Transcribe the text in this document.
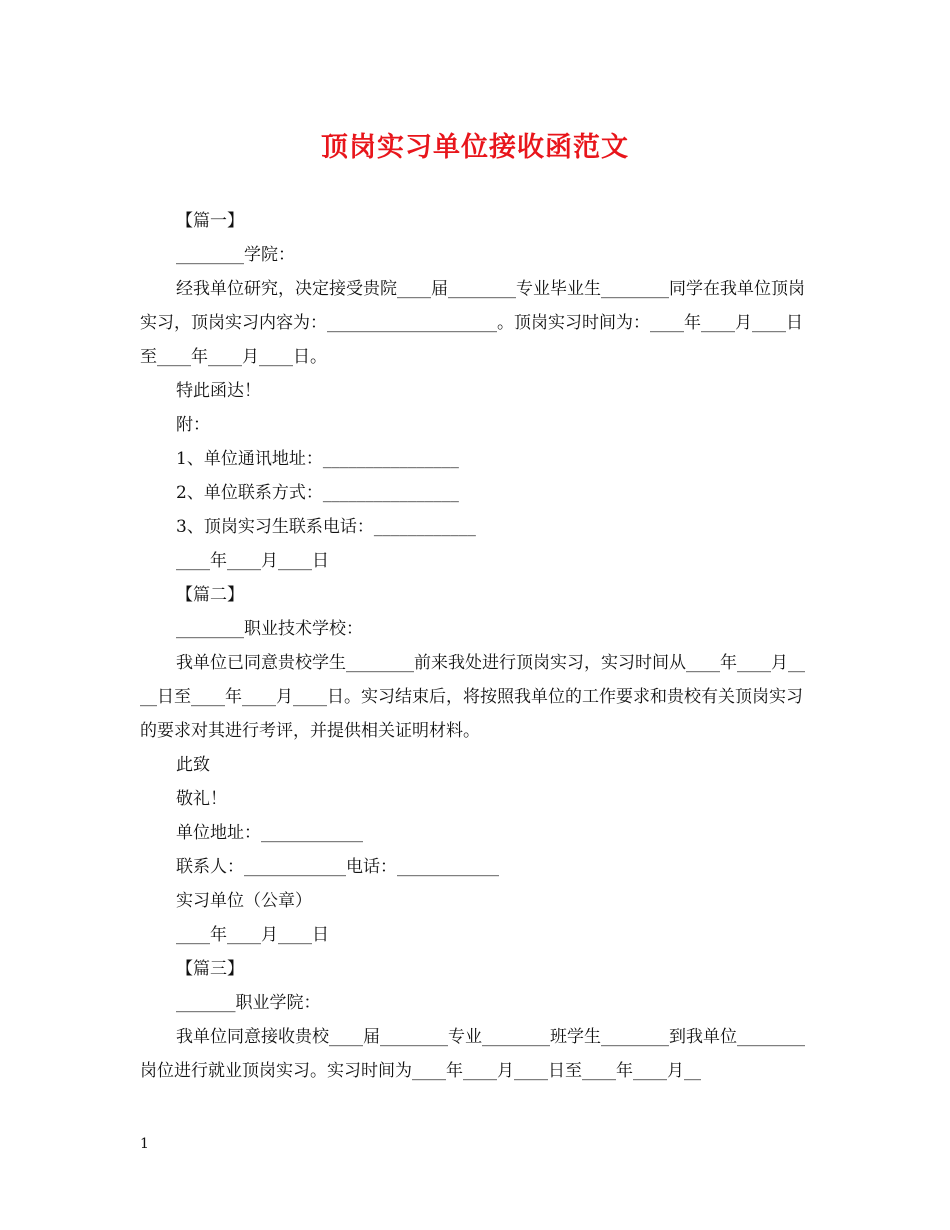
顶岗实习单位接收函范文

【篇一】

________学院：

经我单位研究，决定接受贵院____届________专业毕业生________同学在我单位顶岗实习，顶岗实习内容为：____________________。顶岗实习时间为：____年____月____日至____年____月____日。

特此函达！

附：

1、单位通讯地址：________________

2、单位联系方式：________________

3、顶岗实习生联系电话：____________

____年____月____日

【篇二】

________职业技术学校：

我单位已同意贵校学生________前来我处进行顶岗实习，实习时间从____年____月____日至____年____月____日。实习结束后，将按照我单位的工作要求和贵校有关顶岗实习的要求对其进行考评，并提供相关证明材料。

此致

敬礼！

单位地址：____________

联系人：____________电话：____________

实习单位（公章）

____年____月____日

【篇三】

_______职业学院：

我单位同意接收贵校____届________专业________班学生________到我单位________岗位进行就业顶岗实习。实习时间为____年____月____日至____年____月__

1
